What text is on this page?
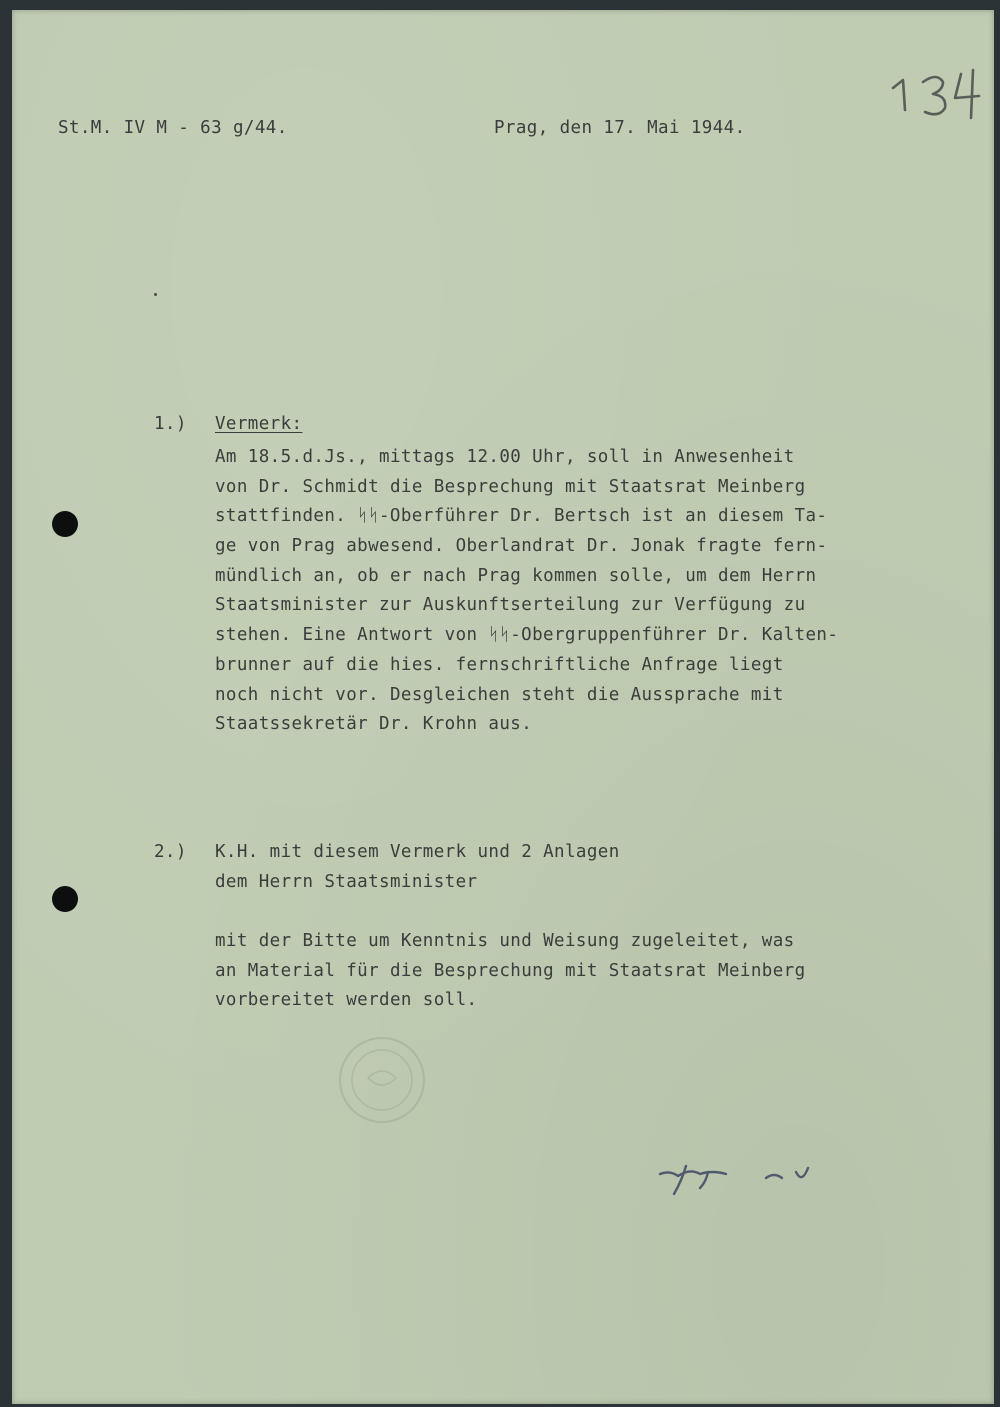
St.M. IV M - 63 g/44.	Prag, den 17. Mai 1944.

1.) Vermerk:

Am 18.5.d.Js., mittags 12.00 Uhr, soll in Anwesenheit
von Dr. Schmidt die Besprechung mit Staatsrat Meinberg
stattfinden. ᛋᛋ-Oberführer Dr. Bertsch ist an diesem Ta-
ge von Prag abwesend. Oberlandrat Dr. Jonak fragte fern-
mündlich an, ob er nach Prag kommen solle, um dem Herrn
Staatsminister zur Auskunftserteilung zur Verfügung zu
stehen. Eine Antwort von ᛋᛋ-Obergruppenführer Dr. Kalten-
brunner auf die hies. fernschriftliche Anfrage liegt
noch nicht vor. Desgleichen steht die Aussprache mit
Staatssekretär Dr. Krohn aus.

2.) K.H. mit diesem Vermerk und 2 Anlagen
dem Herrn Staatsminister
mit der Bitte um Kenntnis und Weisung zugeleitet, was
an Material für die Besprechung mit Staatsrat Meinberg
vorbereitet werden soll.
